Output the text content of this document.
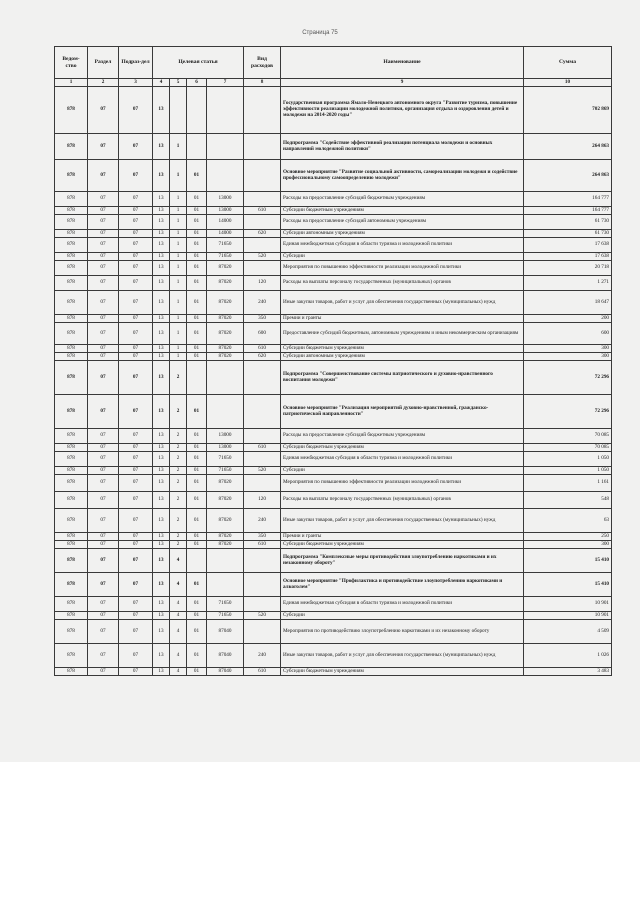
Страница 75
Ведом-ство	Раздел	Подраз-дел	Целевая статья				Вид расходов	Наименование	Сумма
1	2	3	4	5	6	7	8	9	10
878	07	07	13					Государственная программа Ямало-Ненецкого автономного округа "Развитие туризма, повышение эффективности реализации молодежной политики, организация отдыха и оздоровления детей и молодежи на 2014-2020 годы"	702 869
878	07	07	13	1				Подпрограмма "Содействие эффективной реализации потенциала молодежи и основных направлений молодежной политики"	264 863
878	07	07	13	1	01			Основное мероприятие "Развитие социальной активности, самореализации молодежи и содействие профессиональному самоопределению молодежи"	264 863
878	07	07	13	1	01	13000		Расходы на предоставление субсидий бюджетным учреждениям	164 777
878	07	07	13	1	01	13000	610	Субсидии бюджетным учреждениям	164 777
878	07	07	13	1	01	14000		Расходы на предоставление субсидий автономным учреждениям	61 730
878	07	07	13	1	01	14000	620	Субсидии автономным учреждениям	61 730
878	07	07	13	1	01	71650		Единая межбюджетная субсидия в области туризма и молодежной политики	17 638
878	07	07	13	1	01	71650	520	Субсидии	17 638
878	07	07	13	1	01	87020		Мероприятия по повышению эффективности реализации молодежной политики	20 718
878	07	07	13	1	01	87020	120	Расходы на выплаты персоналу государственных (муниципальных) органов	1 271
878	07	07	13	1	01	87020	240	Иные закупки товаров, работ и услуг для обеспечения государственных (муниципальных) нужд	18 647
878	07	07	13	1	01	87020	350	Премии и гранты	200
878	07	07	13	1	01	87020	600	Предоставление субсидий бюджетным, автономным учреждениям и иным некоммерческим организациям	600
878	07	07	13	1	01	87020	610	Субсидии бюджетным учреждениям	300
878	07	07	13	1	01	87020	620	Субсидии автономным учреждениям	300
878	07	07	13	2				Подпрограмма "Совершенствование системы патриотического и духовно-нравственного воспитания молодежи"	72 296
878	07	07	13	2	01			Основное мероприятие "Реализация мероприятий духовно-нравственной, гражданско-патриотической направленности"	72 296
878	07	07	13	2	01	13000		Расходы на предоставление субсидий бюджетным учреждениям	70 085
878	07	07	13	2	01	13000	610	Субсидии бюджетным учреждениям	70 085
878	07	07	13	2	01	71650		Единая межбюджетная субсидия в области туризма и молодежной политики	1 050
878	07	07	13	2	01	71650	520	Субсидии	1 050
878	07	07	13	2	01	87020		Мероприятия по повышению эффективности реализации молодежной политики	1 161
878	07	07	13	2	01	87020	120	Расходы на выплаты персоналу государственных (муниципальных) органов	548
878	07	07	13	2	01	87020	240	Иные закупки товаров, работ и услуг для обеспечения государственных (муниципальных) нужд	63
878	07	07	13	2	01	87020	350	Премии и гранты	250
878	07	07	13	2	01	87020	610	Субсидии бюджетным учреждениям	300
878	07	07	13	4				Подпрограмма "Комплексные меры противодействия злоупотреблению наркотиками и их незаконному обороту"	15 410
878	07	07	13	4	01			Основное мероприятие "Профилактика и противодействие злоупотреблению наркотиками и алкоголем"	15 410
878	07	07	13	4	01	71650		Единая межбюджетная субсидия в области туризма и молодежной политики	10 901
878	07	07	13	4	01	71650	520	Субсидии	10 901
878	07	07	13	4	01	87040		Мероприятия по противодействию злоупотреблению наркотиками и их незаконному обороту	4 509
878	07	07	13	4	01	87040	240	Иные закупки товаров, работ и услуг для обеспечения государственных (муниципальных) нужд	1 026
878	07	07	13	4	01	87040	610	Субсидии бюджетным учреждениям	3 483
